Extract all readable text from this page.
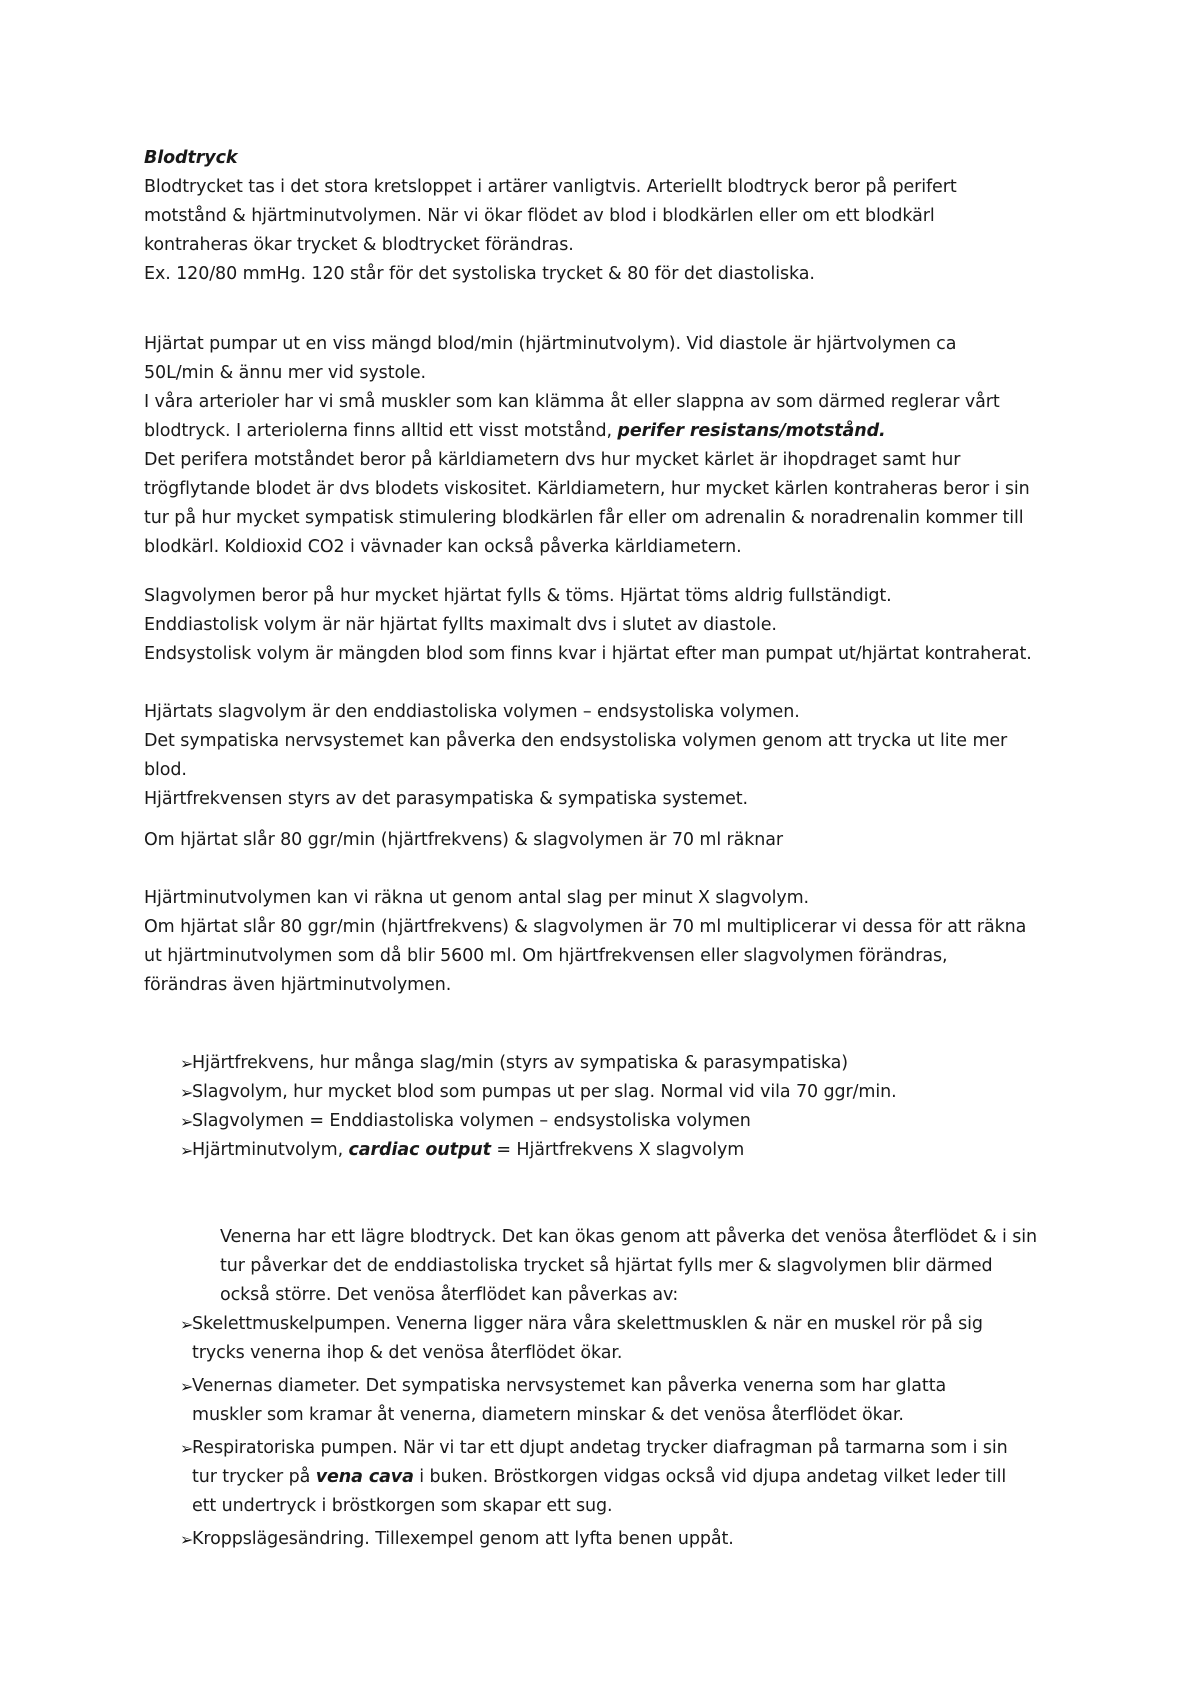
Blodtryck

Blodtrycket tas i det stora kretsloppet i artärer vanligtvis. Arteriellt blodtryck beror på perifert

motstånd & hjärtminutvolymen. När vi ökar flödet av blod i blodkärlen eller om ett blodkärl

kontraheras ökar trycket & blodtrycket förändras.

Ex. 120/80 mmHg. 120 står för det systoliska trycket & 80 för det diastoliska.

Hjärtat pumpar ut en viss mängd blod/min (hjärtminutvolym). Vid diastole är hjärtvolymen ca

50L/min & ännu mer vid systole.

I våra arterioler har vi små muskler som kan klämma åt eller slappna av som därmed reglerar vårt

blodtryck. I arteriolerna finns alltid ett visst motstånd, perifer resistans/motstånd.

Det perifera motståndet beror på kärldiametern dvs hur mycket kärlet är ihopdraget samt hur

trögflytande blodet är dvs blodets viskositet. Kärldiametern, hur mycket kärlen kontraheras beror i sin

tur på hur mycket sympatisk stimulering blodkärlen får eller om adrenalin & noradrenalin kommer till

blodkärl. Koldioxid CO2 i vävnader kan också påverka kärldiametern.

Slagvolymen beror på hur mycket hjärtat fylls & töms. Hjärtat töms aldrig fullständigt.

Enddiastolisk volym är när hjärtat fyllts maximalt dvs i slutet av diastole.

Endsystolisk volym är mängden blod som finns kvar i hjärtat efter man pumpat ut/hjärtat kontraherat.

Hjärtats slagvolym är den enddiastoliska volymen – endsystoliska volymen.

Det sympatiska nervsystemet kan påverka den endsystoliska volymen genom att trycka ut lite mer

blod.

Hjärtfrekvensen styrs av det parasympatiska & sympatiska systemet.

Om hjärtat slår 80 ggr/min (hjärtfrekvens) & slagvolymen är 70 ml räknar

Hjärtminutvolymen kan vi räkna ut genom antal slag per minut X slagvolym.

Om hjärtat slår 80 ggr/min (hjärtfrekvens) & slagvolymen är 70 ml multiplicerar vi dessa för att räkna

ut hjärtminutvolymen som då blir 5600 ml. Om hjärtfrekvensen eller slagvolymen förändras,

förändras även hjärtminutvolymen.

➢
Hjärtfrekvens, hur många slag/min (styrs av sympatiska & parasympatiska)
➢
Slagvolym, hur mycket blod som pumpas ut per slag. Normal vid vila 70 ggr/min.
➢
Slagvolymen = Enddiastoliska volymen – endsystoliska volymen
➢
Hjärtminutvolym, cardiac output = Hjärtfrekvens X slagvolym

Venerna har ett lägre blodtryck. Det kan ökas genom att påverka det venösa återflödet & i sin

tur påverkar det de enddiastoliska trycket så hjärtat fylls mer & slagvolymen blir därmed

också större. Det venösa återflödet kan påverkas av:

➢

Skelettmuskelpumpen. Venerna ligger nära våra skelettmusklen & när en muskel rör på sig

trycks venerna ihop & det venösa återflödet ökar.

➢

Venernas diameter. Det sympatiska nervsystemet kan påverka venerna som har glatta

muskler som kramar åt venerna, diametern minskar & det venösa återflödet ökar.

➢

Respiratoriska pumpen. När vi tar ett djupt andetag trycker diafragman på tarmarna som i sin

tur trycker på vena cava i buken. Bröstkorgen vidgas också vid djupa andetag vilket leder till

ett undertryck i bröstkorgen som skapar ett sug.

➢
Kroppslägesändring. Tillexempel genom att lyfta benen uppåt.
